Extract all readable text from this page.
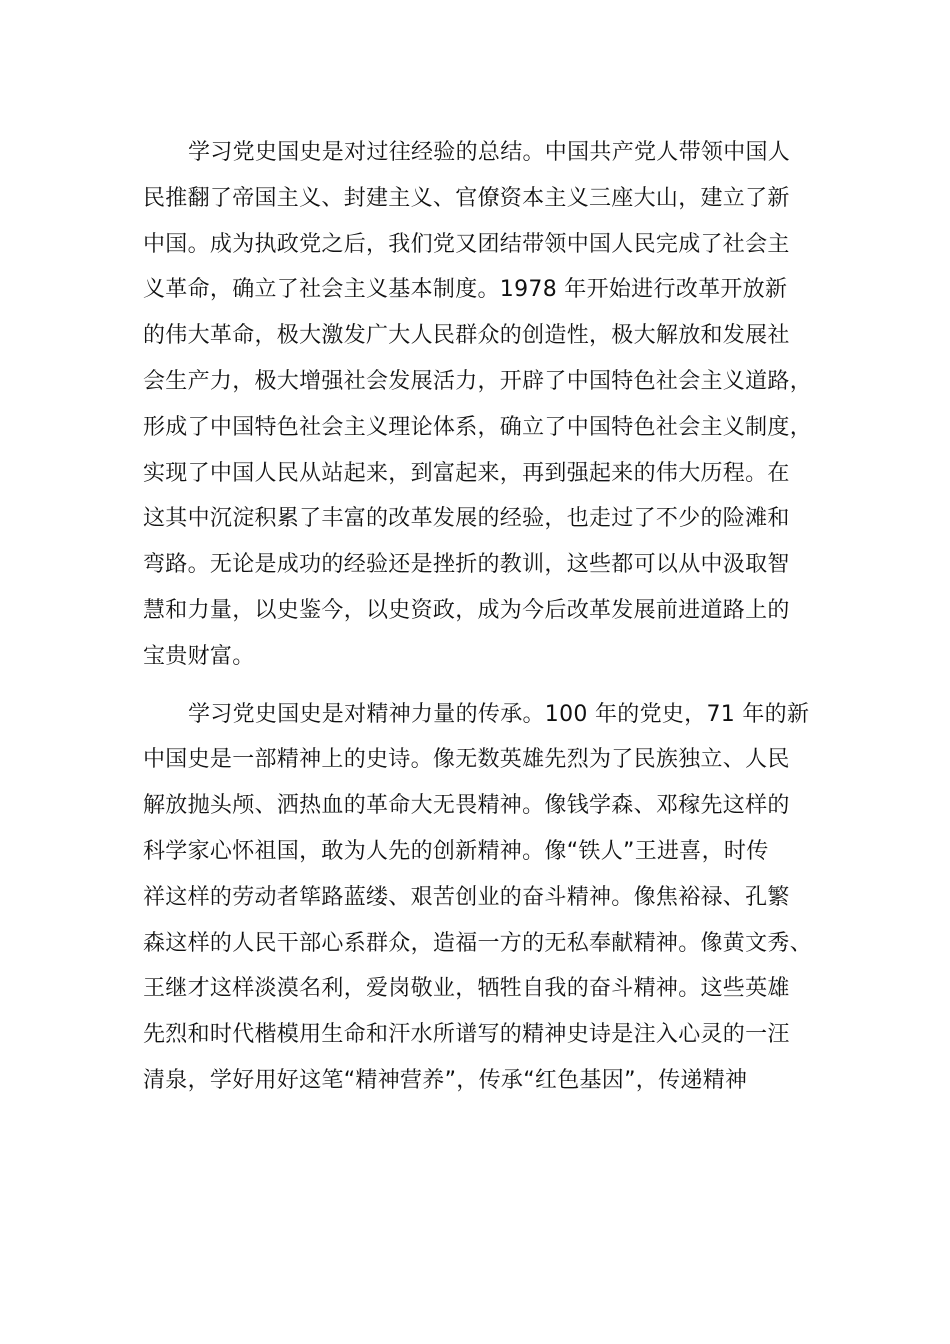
学习党史国史是对过往经验的总结。中国共产党人带领中国人
民推翻了帝国主义、封建主义、官僚资本主义三座大山，建立了新
中国。成为执政党之后，我们党又团结带领中国人民完成了社会主
义革命，确立了社会主义基本制度。1978 年开始进行改革开放新
的伟大革命，极大激发广大人民群众的创造性，极大解放和发展社
会生产力，极大增强社会发展活力，开辟了中国特色社会主义道路，
形成了中国特色社会主义理论体系，确立了中国特色社会主义制度，
实现了中国人民从站起来，到富起来，再到强起来的伟大历程。在
这其中沉淀积累了丰富的改革发展的经验，也走过了不少的险滩和
弯路。无论是成功的经验还是挫折的教训，这些都可以从中汲取智
慧和力量，以史鉴今，以史资政，成为今后改革发展前进道路上的
宝贵财富。
学习党史国史是对精神力量的传承。100 年的党史，71 年的新
中国史是一部精神上的史诗。像无数英雄先烈为了民族独立、人民
解放抛头颅、洒热血的革命大无畏精神。像钱学森、邓稼先这样的
科学家心怀祖国，敢为人先的创新精神。像“铁人”王进喜，时传
祥这样的劳动者筚路蓝缕、艰苦创业的奋斗精神。像焦裕禄、孔繁
森这样的人民干部心系群众，造福一方的无私奉献精神。像黄文秀、
王继才这样淡漠名利，爱岗敬业，牺牲自我的奋斗精神。这些英雄
先烈和时代楷模用生命和汗水所谱写的精神史诗是注入心灵的一汪
清泉，学好用好这笔“精神营养”，传承“红色基因”，传递精神
